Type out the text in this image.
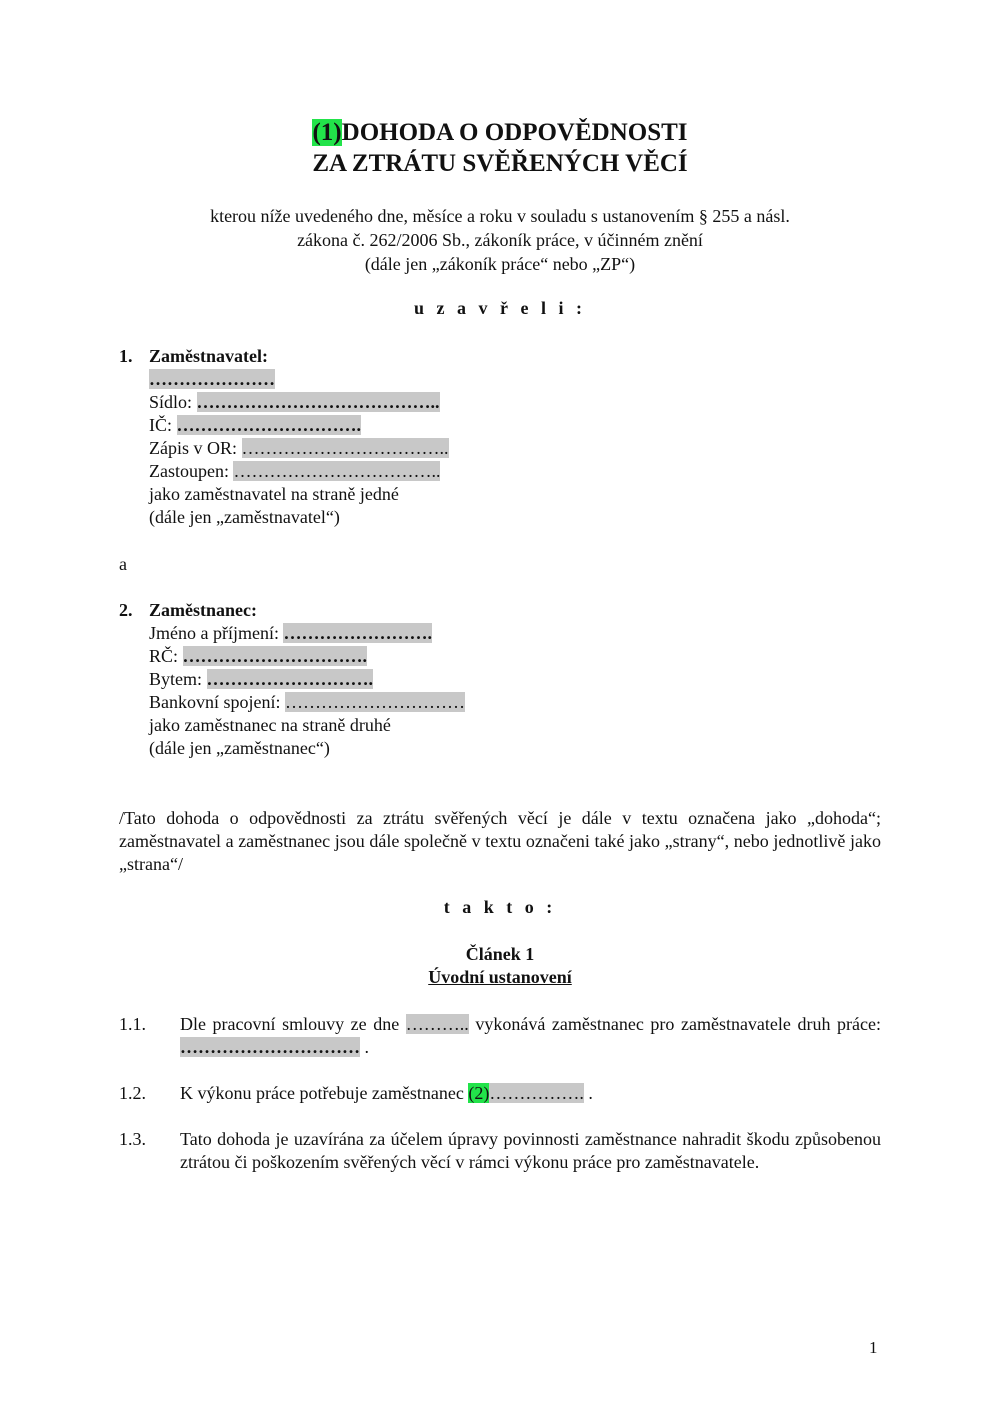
(1)DOHODA O ODPOVĚDNOSTI
ZA ZTRÁTU SVĚŘENÝCH VĚCÍ
kterou níže uvedeného dne, měsíce a roku v souladu s ustanovením § 255 a násl.
zákona č. 262/2006 Sb., zákoník práce, v účinném znění
(dále jen „zákoník práce“ nebo „ZP“)
u z a v ř e l i :
1. Zaměstnavatel:
…………………
Sídlo: …………………………………..
IČ: ………………………….
Zápis v OR: ……………………………..
Zastoupen: ……………………………..
jako zaměstnavatel na straně jedné
(dále jen „zaměstnavatel“)
a
2. Zaměstnanec:
Jméno a příjmení: …………………….
RČ: ………………………….
Bytem: ……………………….
Bankovní spojení: …………………………
jako zaměstnanec na straně druhé
(dále jen „zaměstnanec“)
/Tato dohoda o odpovědnosti za ztrátu svěřených věcí je dále v textu označena jako „dohoda“; zaměstnavatel a zaměstnanec jsou dále společně v textu označeni také jako „strany“, nebo jednotlivě jako „strana“/
t a k t o :
Článek 1
Úvodní ustanovení
1.1. Dle pracovní smlouvy ze dne ……….. vykonává zaměstnanec pro zaměstnavatele druh práce: ………………………… .
1.2. K výkonu práce potřebuje zaměstnanec (2)……………. .
1.3. Tato dohoda je uzavírána za účelem úpravy povinnosti zaměstnance nahradit škodu způsobenou ztrátou či poškozením svěřených věcí v rámci výkonu práce pro zaměstnavatele.
1
